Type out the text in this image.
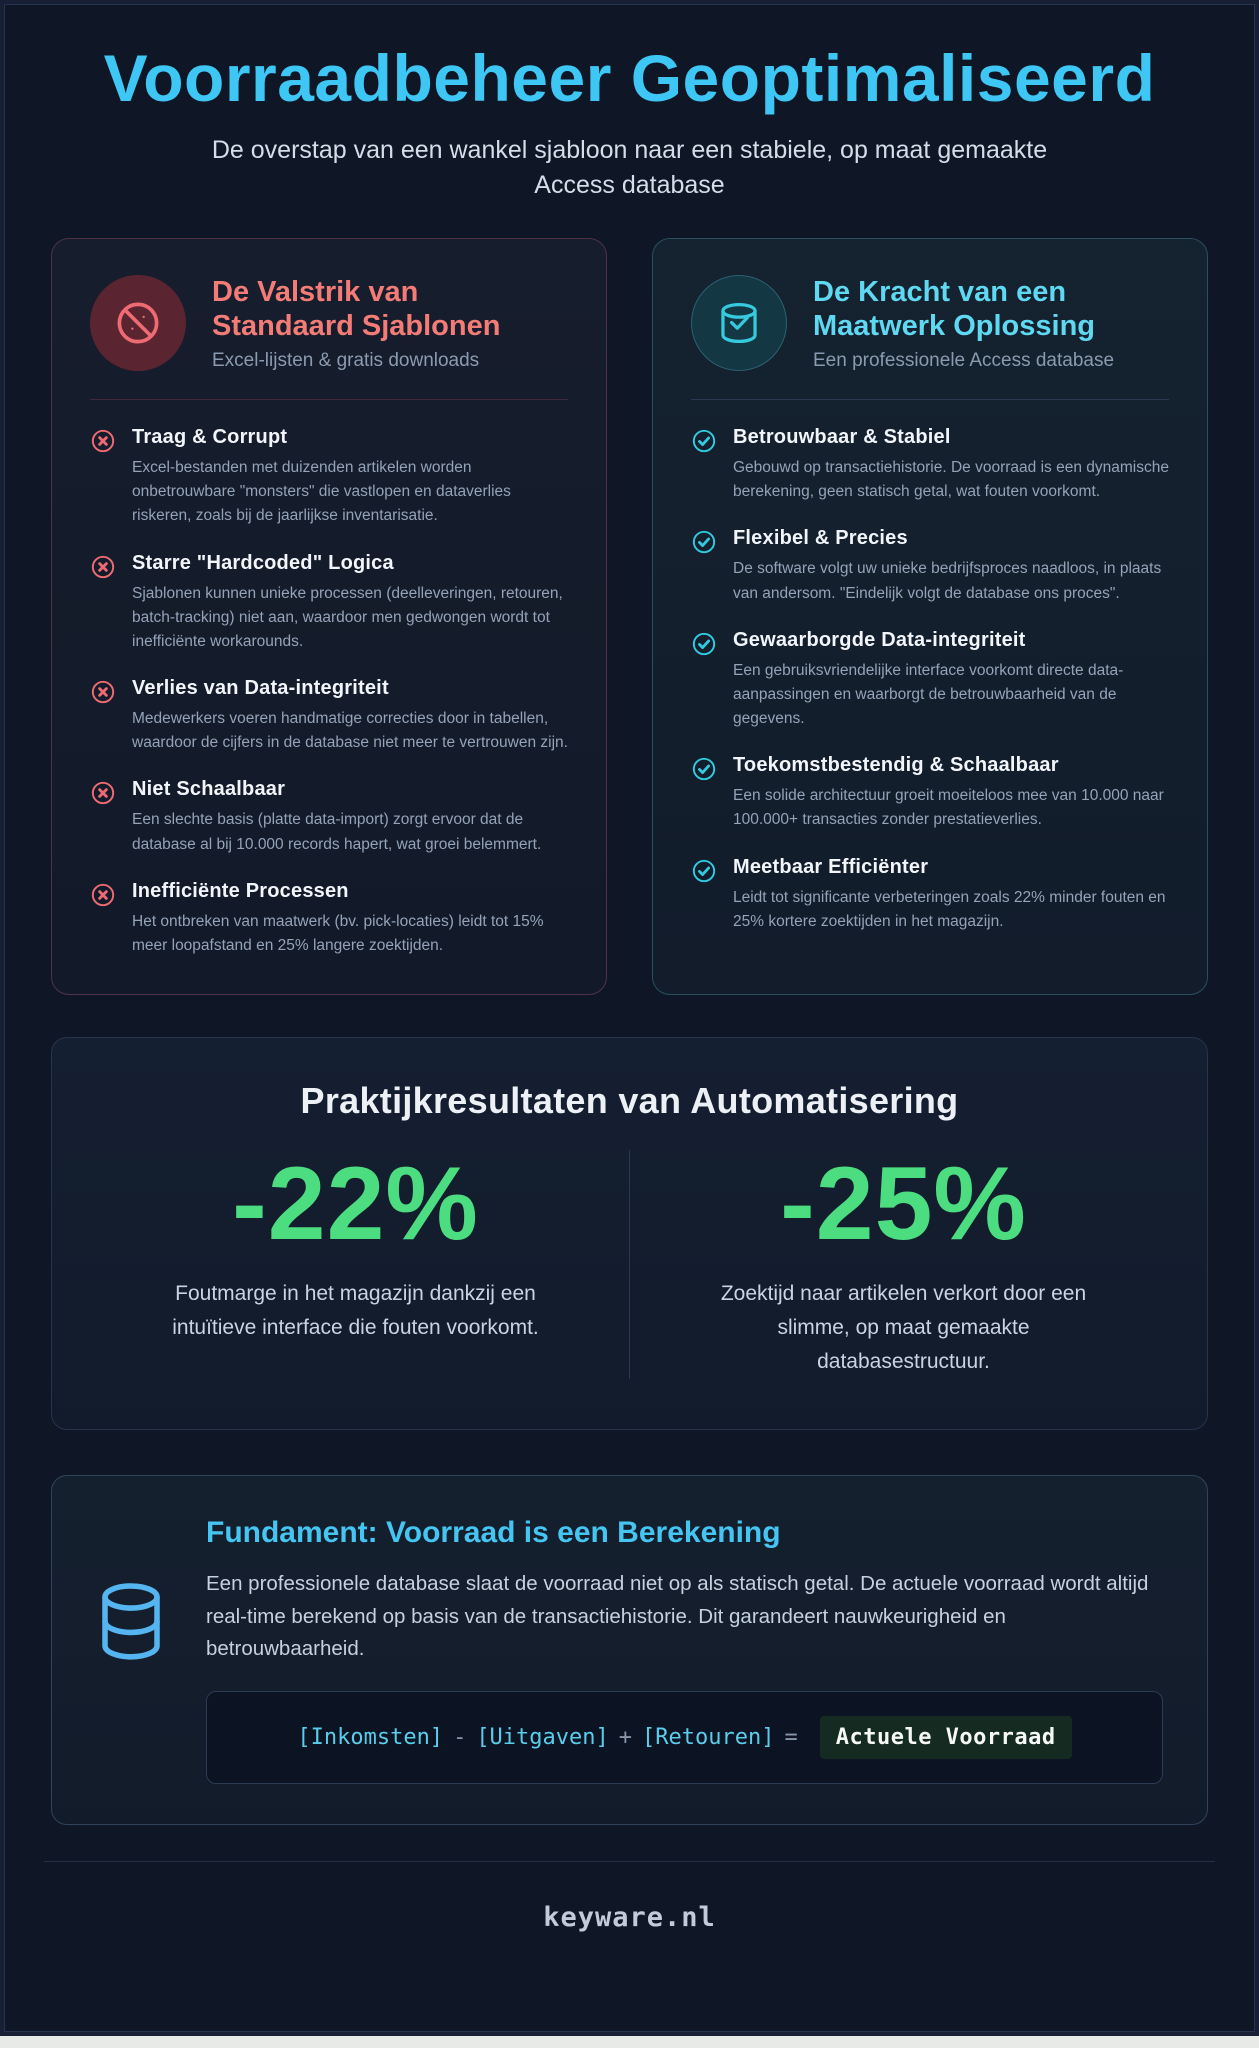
Voorraadbeheer Geoptimaliseerd

De overstap van een wankel sjabloon naar een stabiele, op maat gemaakte Access database

De Valstrik van Standaard Sjablonen
Excel-lijsten & gratis downloads
Traag & Corrupt
Excel-bestanden met duizenden artikelen worden onbetrouwbare "monsters" die vastlopen en dataverlies riskeren, zoals bij de jaarlijkse inventarisatie.
Starre "Hardcoded" Logica
Sjablonen kunnen unieke processen (deelleveringen, retouren, batch-tracking) niet aan, waardoor men gedwongen wordt tot inefficiënte workarounds.
Verlies van Data-integriteit
Medewerkers voeren handmatige correcties door in tabellen, waardoor de cijfers in de database niet meer te vertrouwen zijn.
Niet Schaalbaar
Een slechte basis (platte data-import) zorgt ervoor dat de database al bij 10.000 records hapert, wat groei belemmert.
Inefficiënte Processen
Het ontbreken van maatwerk (bv. pick-locaties) leidt tot 15% meer loopafstand en 25% langere zoektijden.
De Kracht van een Maatwerk Oplossing
Een professionele Access database
Betrouwbaar & Stabiel
Gebouwd op transactiehistorie. De voorraad is een dynamische berekening, geen statisch getal, wat fouten voorkomt.
Flexibel & Precies
De software volgt uw unieke bedrijfsproces naadloos, in plaats van andersom. "Eindelijk volgt de database ons proces".
Gewaarborgde Data-integriteit
Een gebruiksvriendelijke interface voorkomt directe data-aanpassingen en waarborgt de betrouwbaarheid van de gegevens.
Toekomstbestendig & Schaalbaar
Een solide architectuur groeit moeiteloos mee van 10.000 naar 100.000+ transacties zonder prestatieverlies.
Meetbaar Efficiënter
Leidt tot significante verbeteringen zoals 22% minder fouten en 25% kortere zoektijden in het magazijn.
Praktijkresultaten van Automatisering
-22%
Foutmarge in het magazijn dankzij een intuïtieve interface die fouten voorkomt.
-25%
Zoektijd naar artikelen verkort door een slimme, op maat gemaakte databasestructuur.
Fundament: Voorraad is een Berekening

Een professionele database slaat de voorraad niet op als statisch getal. De actuele voorraad wordt altijd real-time berekend op basis van de transactiehistorie. Dit garandeert nauwkeurigheid en betrouwbaarheid.

[Inkomsten] - [Uitgaven] + [Retouren] = Actuele Voorraad
keyware.nl
